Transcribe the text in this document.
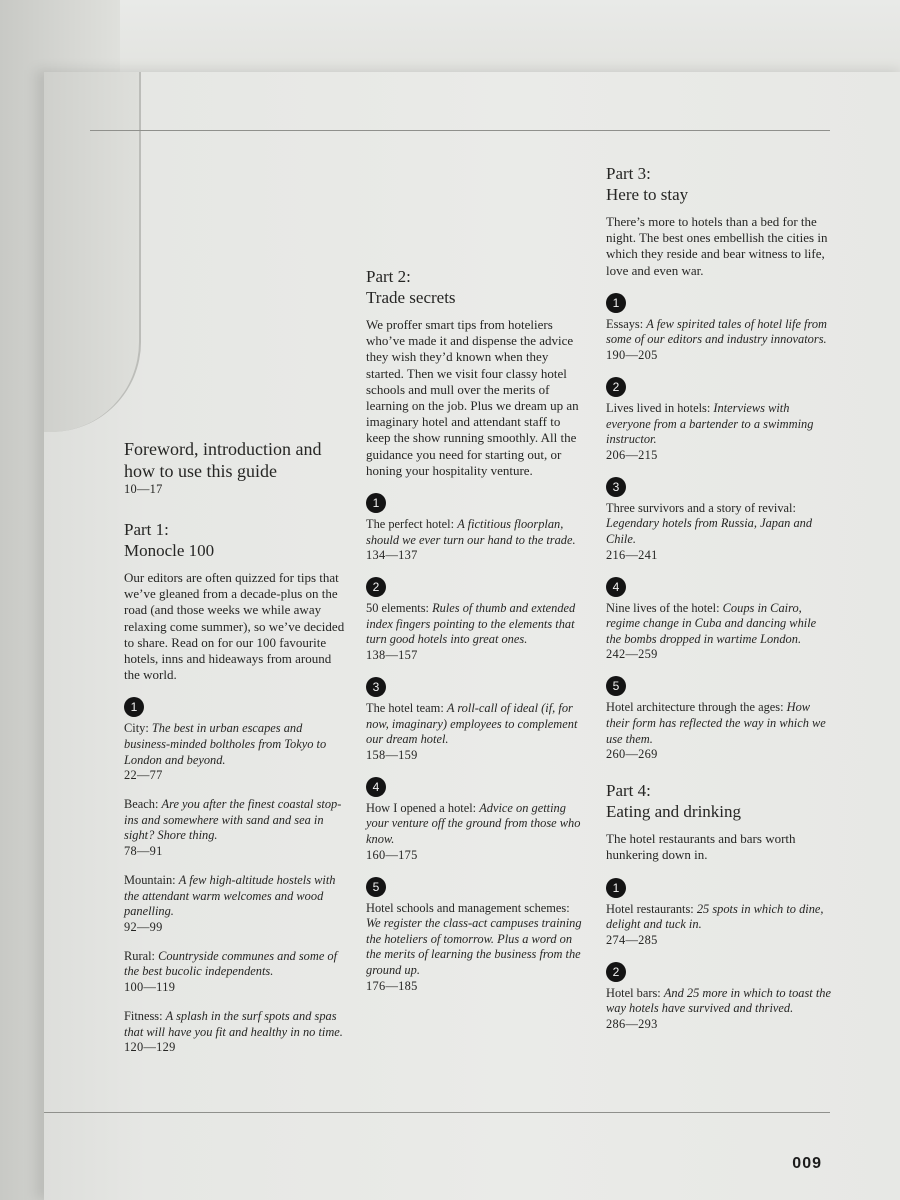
Foreword, introduction and how to use this guide

10—17

Part 1:

Monocle 100

Our editors are often quizzed for tips that we’ve gleaned from a decade-plus on the road (and those weeks we while away relaxing come summer), so we’ve decided to share. Read on for our 100 favourite hotels, inns and hideaways from around the world.

1

City: The best in urban escapes and business-minded boltholes from Tokyo to London and beyond.

22—77

Beach: Are you after the finest coastal stop-ins and somewhere with sand and sea in sight? Shore thing.

78—91

Mountain: A few high-altitude hostels with the attendant warm welcomes and wood panelling.

92—99

Rural: Countryside communes and some of the best bucolic independents.

100—119

Fitness: A splash in the surf spots and spas that will have you fit and healthy in no time.

120—129

Part 2:

Trade secrets

We proffer smart tips from hoteliers who’ve made it and dispense the advice they wish they’d known when they started. Then we visit four classy hotel schools and mull over the merits of learning on the job. Plus we dream up an imaginary hotel and attendant staff to keep the show running smoothly. All the guidance you need for starting out, or honing your hospitality venture.

1

The perfect hotel: A fictitious floorplan, should we ever turn our hand to the trade.

134—137
2

50 elements: Rules of thumb and extended index fingers pointing to the elements that turn good hotels into great ones.

138—157
3

The hotel team: A roll-call of ideal (if, for now, imaginary) employees to complement our dream hotel.

158—159
4

How I opened a hotel: Advice on getting your venture off the ground from those who know.

160—175
5

Hotel schools and management schemes: We register the class-act campuses training the hoteliers of tomorrow. Plus a word on the merits of learning the business from the ground up.

176—185

Part 3:

Here to stay

There’s more to hotels than a bed for the night. The best ones embellish the cities in which they reside and bear witness to life, love and even war.

1

Essays: A few spirited tales of hotel life from some of our editors and industry innovators.

190—205
2

Lives lived in hotels: Interviews with everyone from a bartender to a swimming instructor.

206—215
3

Three survivors and a story of revival: Legendary hotels from Russia, Japan and Chile.

216—241
4

Nine lives of the hotel: Coups in Cairo, regime change in Cuba and dancing while the bombs dropped in wartime London.

242—259
5

Hotel architecture through the ages: How their form has reflected the way in which we use them.

260—269

Part 4:

Eating and drinking

The hotel restaurants and bars worth hunkering down in.

1

Hotel restaurants: 25 spots in which to dine, delight and tuck in.

274—285
2

Hotel bars: And 25 more in which to toast the way hotels have survived and thrived.

286—293
009
